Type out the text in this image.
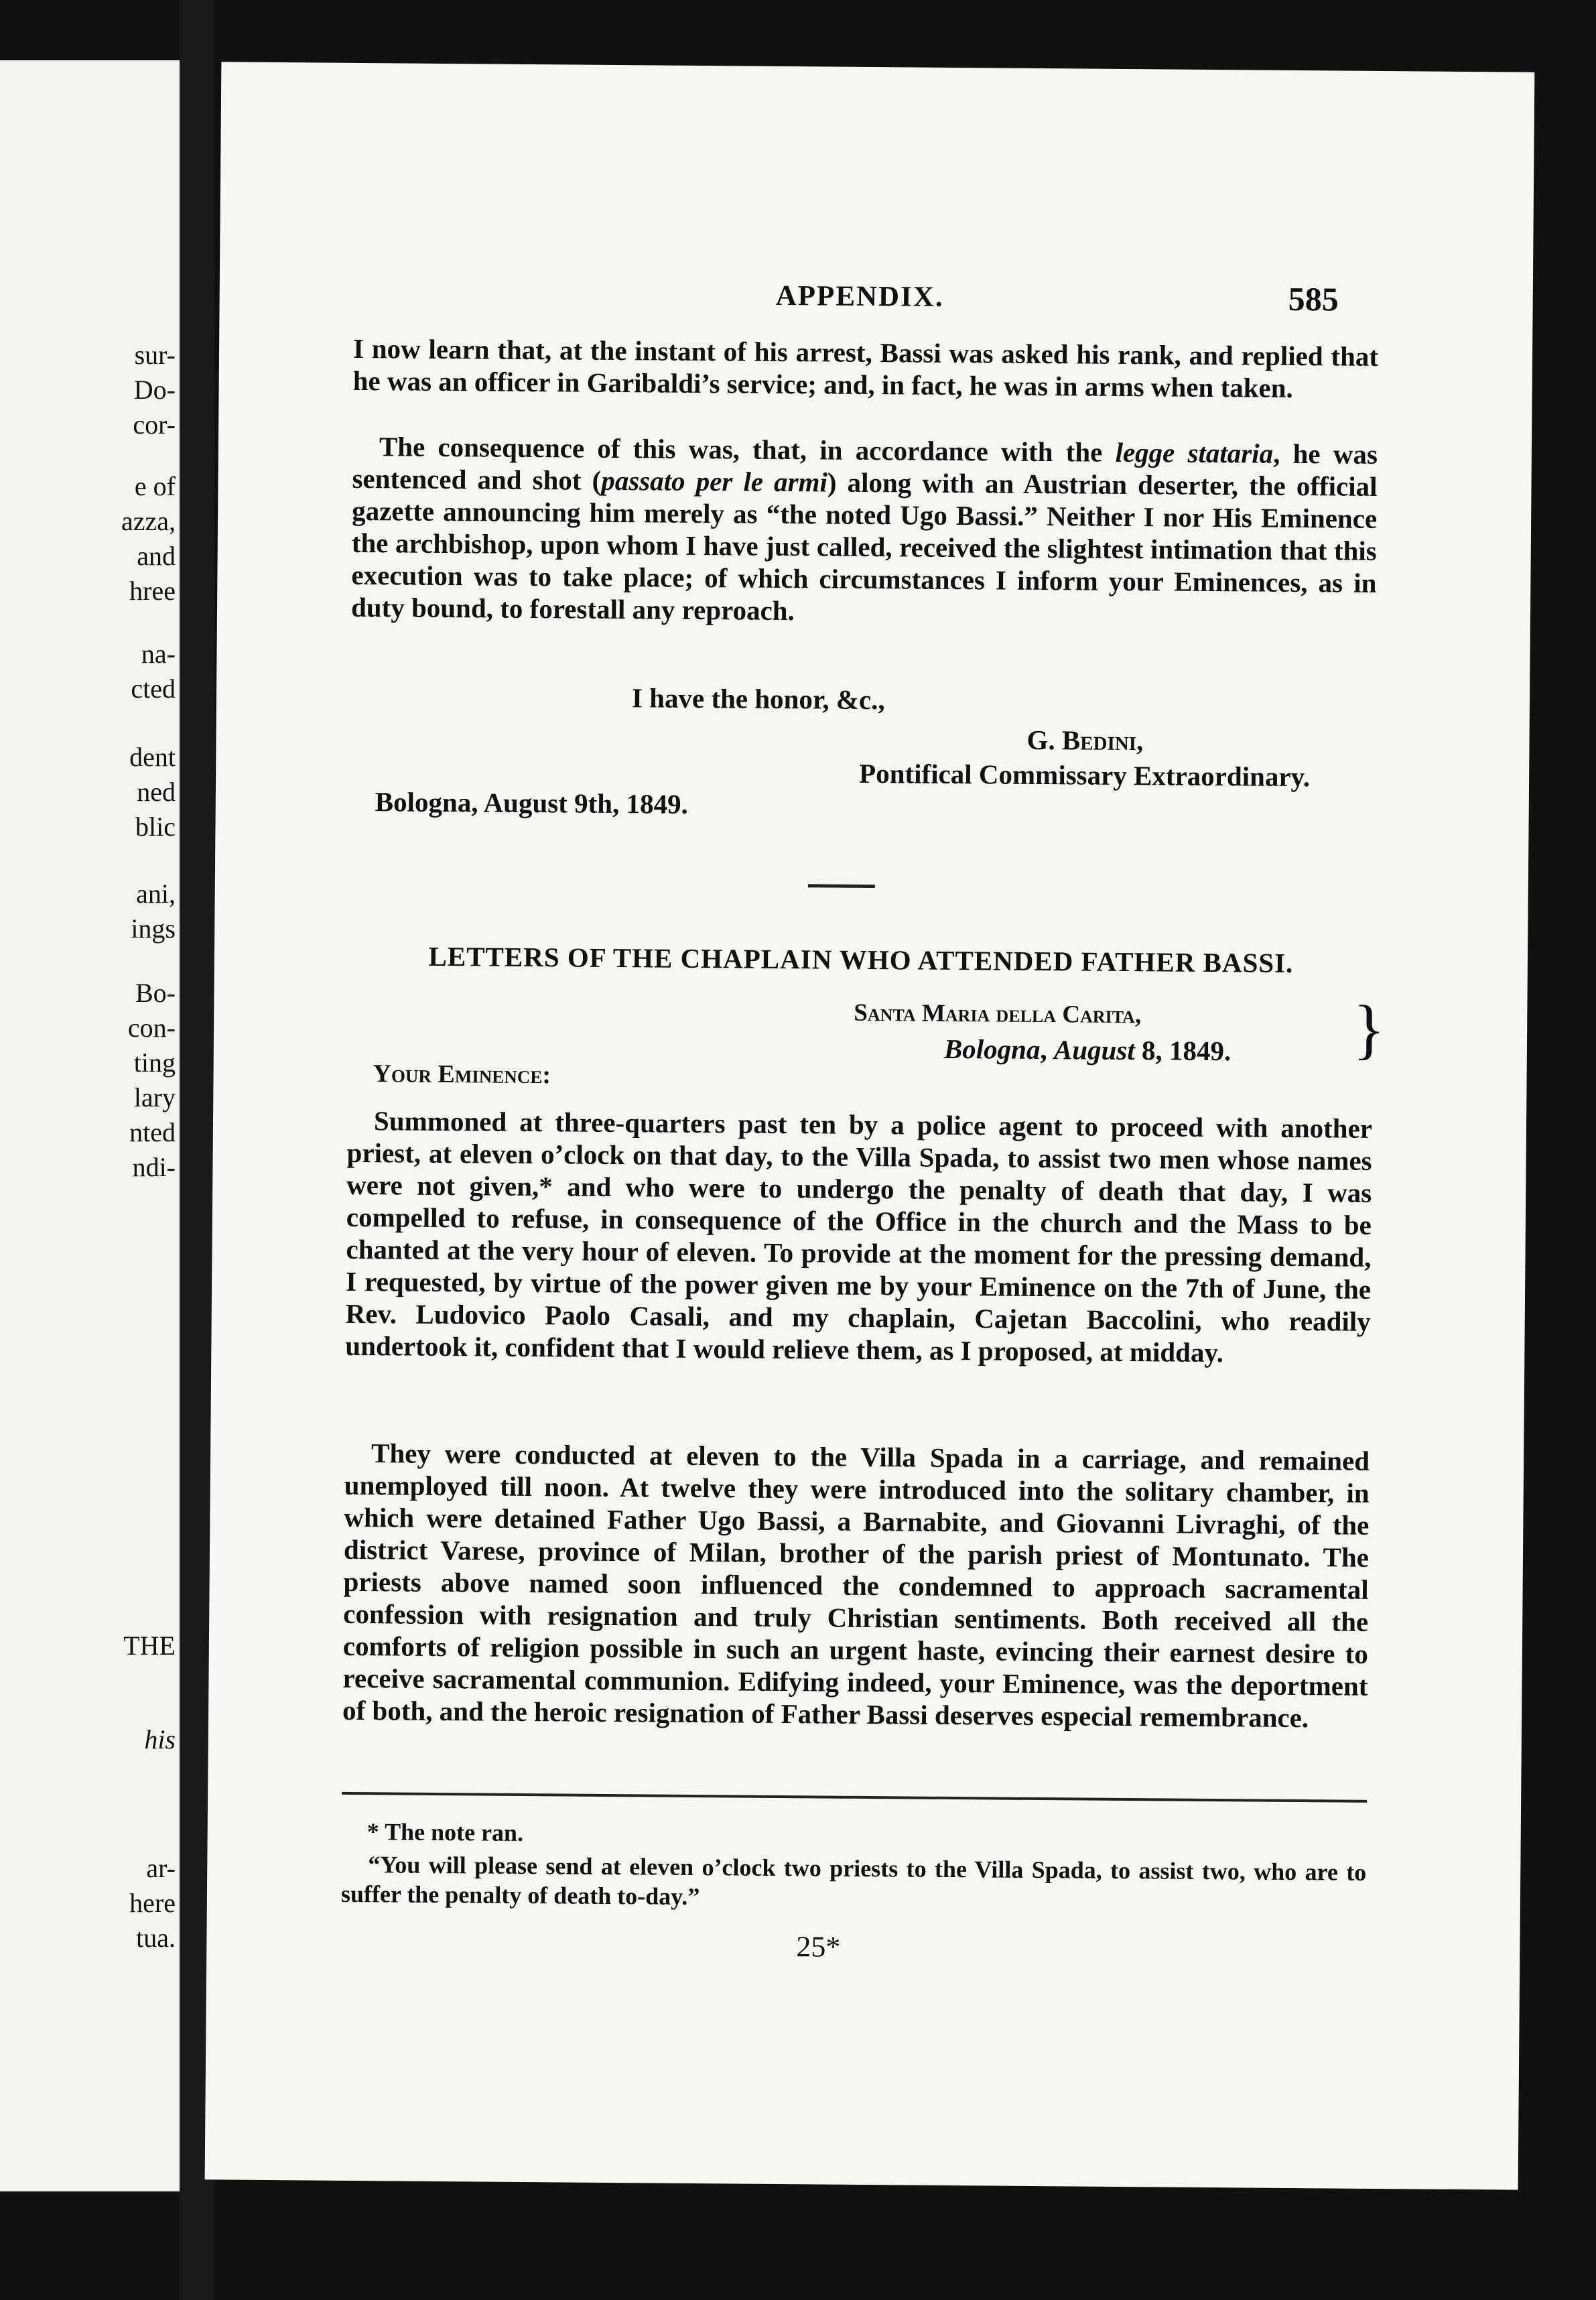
sur-

Do-

cor-

e of

azza,

and

hree

na-

cted

dent

ned

blic

ani,

ings

Bo-

con-

ting

lary

nted

ndi-

THE

his

ar-

here

tua.

APPENDIX.	585

I now learn that, at the instant of his arrest, Bassi was asked his rank, and replied that he was an officer in Garibaldi’s service; and, in fact, he was in arms when taken.

The consequence of this was, that, in accordance with the legge stataria, he was sentenced and shot (passato per le armi) along with an Austrian deserter, the official gazette announcing him merely as “the noted Ugo Bassi.” Neither I nor His Eminence the archbishop, upon whom I have just called, received the slightest intimation that this execution was to take place; of which circumstances I inform your Eminences, as in duty bound, to forestall any reproach.

I have the honor, &c.,

G. Bedini,

Pontifical Commissary Extraordinary.

Bologna, August 9th, 1849.

LETTERS OF THE CHAPLAIN WHO ATTENDED FATHER BASSI.

Santa Maria della Carita,

Bologna, August 8, 1849. }

Your Eminence:

Summoned at three-quarters past ten by a police agent to proceed with another priest, at eleven o’clock on that day, to the Villa Spada, to assist two men whose names were not given,* and who were to undergo the penalty of death that day, I was compelled to refuse, in consequence of the Office in the church and the Mass to be chanted at the very hour of eleven. To provide at the moment for the pressing demand, I requested, by virtue of the power given me by your Eminence on the 7th of June, the Rev. Ludovico Paolo Casali, and my chaplain, Cajetan Baccolini, who readily undertook it, confident that I would relieve them, as I proposed, at midday.

They were conducted at eleven to the Villa Spada in a carriage, and remained unemployed till noon. At twelve they were introduced into the solitary chamber, in which were detained Father Ugo Bassi, a Barnabite, and Giovanni Livraghi, of the district Varese, province of Milan, brother of the parish priest of Montunato. The priests above named soon influenced the condemned to approach sacramental confession with resignation and truly Christian sentiments. Both received all the comforts of religion possible in such an urgent haste, evincing their earnest desire to receive sacramental communion. Edifying indeed, your Eminence, was the deportment of both, and the heroic resignation of Father Bassi deserves especial remembrance.

* The note ran.

“You will please send at eleven o’clock two priests to the Villa Spada, to assist two, who are to suffer the penalty of death to-day.”

25*
